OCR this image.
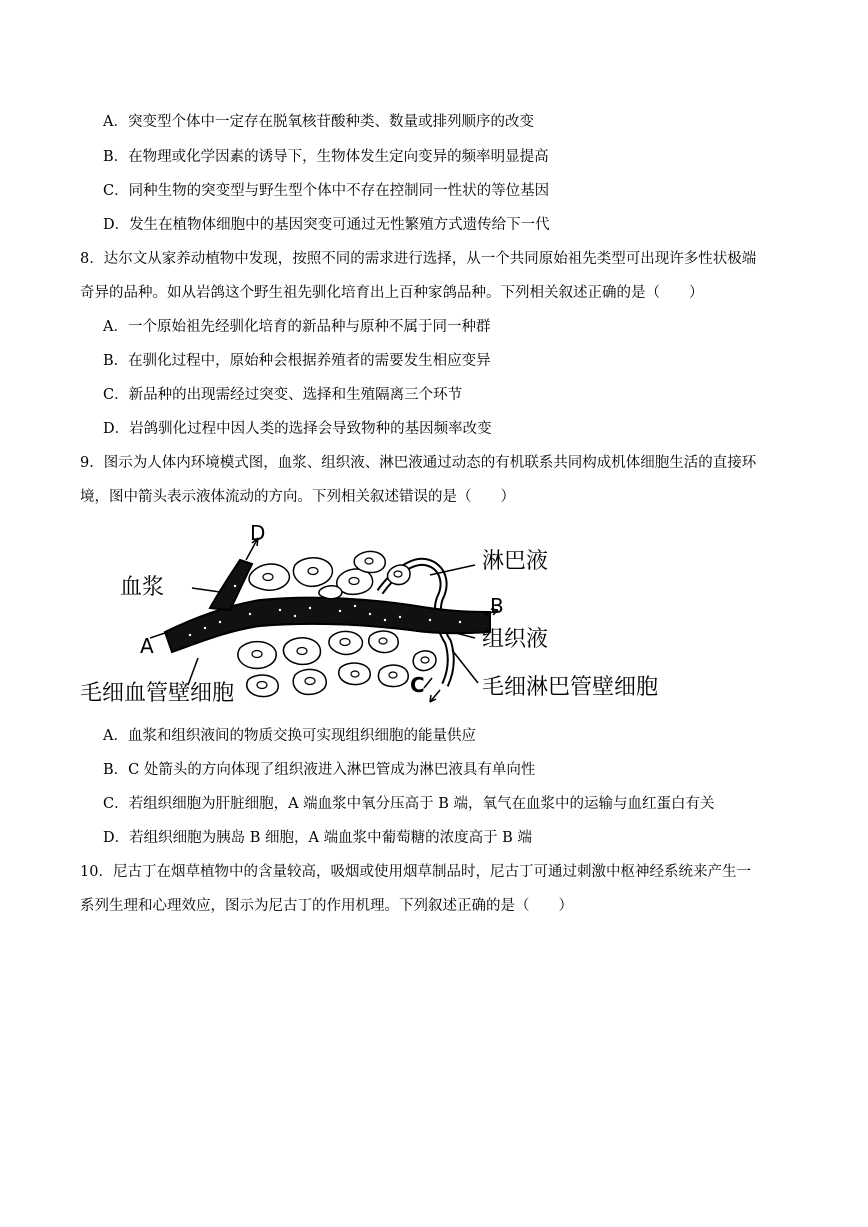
A．突变型个体中一定存在脱氧核苷酸种类、数量或排列顺序的改变
B．在物理或化学因素的诱导下，生物体发生定向变异的频率明显提高
C．同种生物的突变型与野生型个体中不存在控制同一性状的等位基因
D．发生在植物体细胞中的基因突变可通过无性繁殖方式遗传给下一代
8．达尔文从家养动植物中发现，按照不同的需求进行选择，从一个共同原始祖先类型可出现许多性状极端
奇异的品种。如从岩鸽这个野生祖先驯化培育出上百种家鸽品种。下列相关叙述正确的是（　　）
A．一个原始祖先经驯化培育的新品种与原种不属于同一种群
B．在驯化过程中，原始种会根据养殖者的需要发生相应变异
C．新品种的出现需经过突变、选择和生殖隔离三个环节
D．岩鸽驯化过程中因人类的选择会导致物种的基因频率改变
9．图示为人体内环境模式图，血浆、组织液、淋巴液通过动态的有机联系共同构成机体细胞生活的直接环
境，图中箭头表示液体流动的方向。下列相关叙述错误的是（　　）
D
血浆
A
毛细血管壁细胞
淋巴液
B
组织液
C	毛细淋巴管壁细胞
A．血浆和组织液间的物质交换可实现组织细胞的能量供应
B．C 处箭头的方向体现了组织液进入淋巴管成为淋巴液具有单向性
C．若组织细胞为肝脏细胞，A 端血浆中氧分压高于 B 端，氧气在血浆中的运输与血红蛋白有关
D．若组织细胞为胰岛 B 细胞，A 端血浆中葡萄糖的浓度高于 B 端
10．尼古丁在烟草植物中的含量较高，吸烟或使用烟草制品时，尼古丁可通过刺激中枢神经系统来产生一
系列生理和心理效应，图示为尼古丁的作用机理。下列叙述正确的是（　　）
